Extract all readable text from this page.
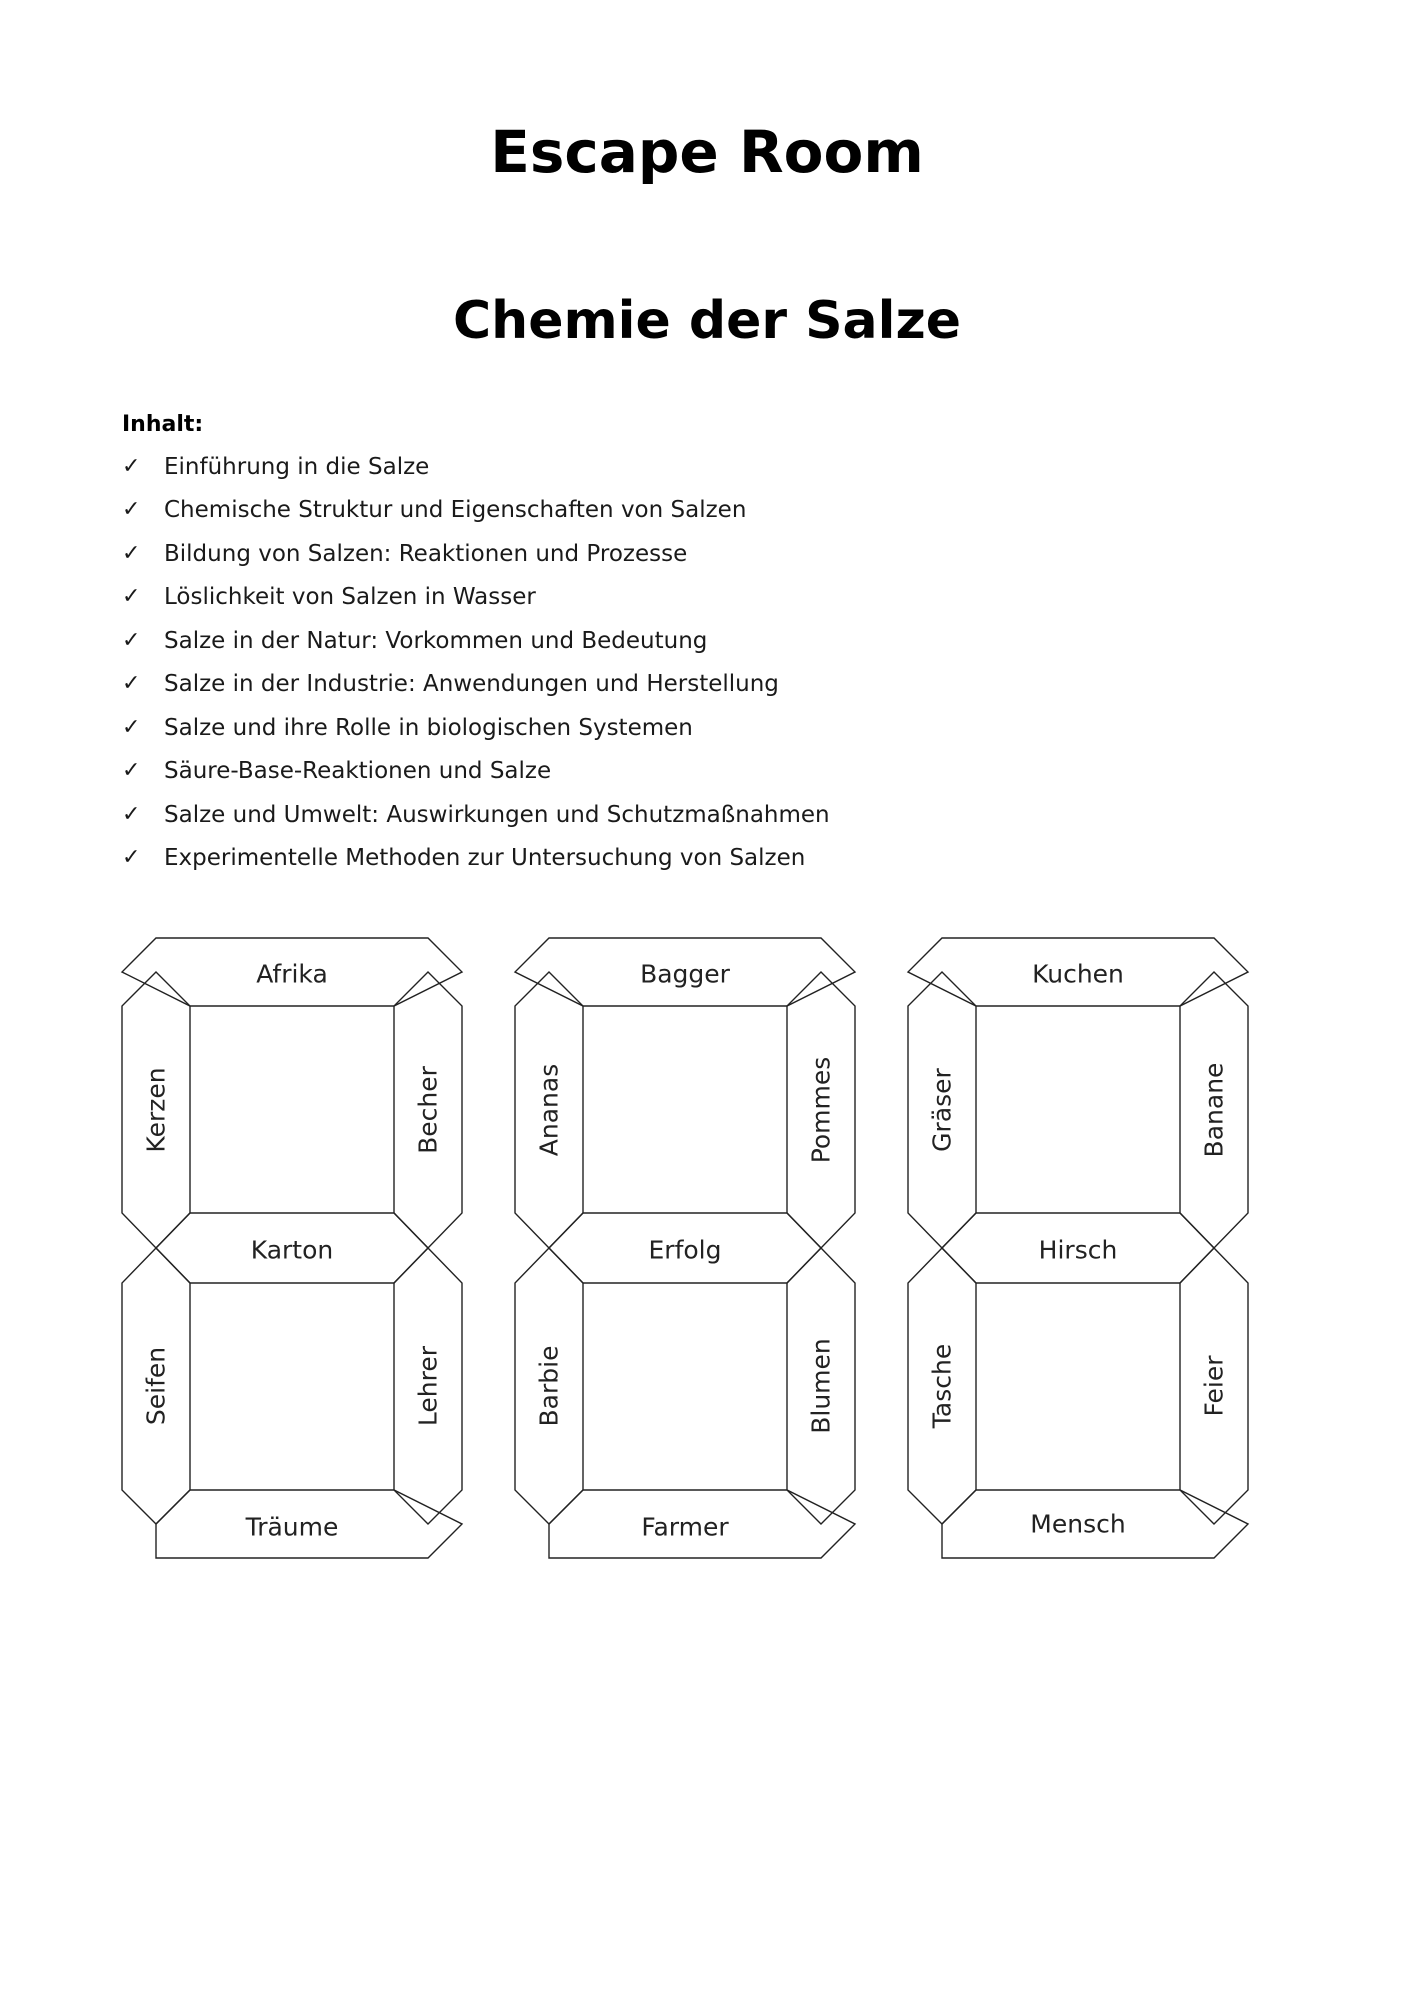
Escape Room
Chemie der Salze
Inhalt:
✓	Einführung in die Salze
✓	Chemische Struktur und Eigenschaften von Salzen
✓	Bildung von Salzen: Reaktionen und Prozesse
✓	Löslichkeit von Salzen in Wasser
✓	Salze in der Natur: Vorkommen und Bedeutung
✓	Salze in der Industrie: Anwendungen und Herstellung
✓	Salze und ihre Rolle in biologischen Systemen
✓	Säure-Base-Reaktionen und Salze
✓	Salze und Umwelt: Auswirkungen und Schutzmaßnahmen
✓	Experimentelle Methoden zur Untersuchung von Salzen
Afrika
Kerzen	Becher
Karton
Seifen	Lehrer
Träume
Bagger
Ananas	Pommes
Erfolg
Barbie	Blumen
Farmer
Kuchen
Gräser	Banane
Hirsch
Tasche	Feier
Mensch
